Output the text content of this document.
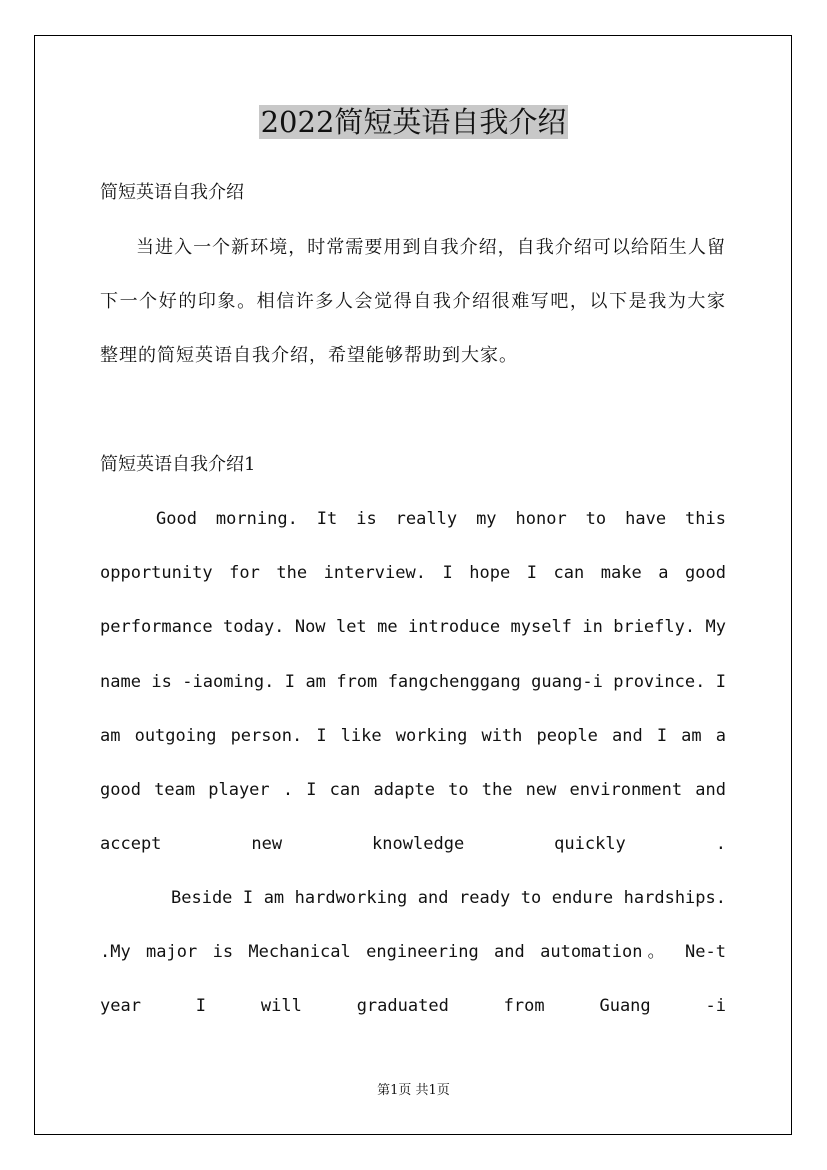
2022简短英语自我介绍
简短英语自我介绍

当进入一个新环境，时常需要用到自我介绍，自我介绍可以给陌生人留下一个好的印象。相信许多人会觉得自我介绍很难写吧，以下是我为大家整理的简短英语自我介绍，希望能够帮助到大家。

简短英语自我介绍1

Good morning. It is really my honor to have this opportunity for the interview. I hope I can make a good performance today. Now let me introduce myself in briefly. My name is -iaoming. I am from fangchenggang guang-i province. I am outgoing person. I like working with people and I am a good team player . I can adapte to the new environment and accept new knowledge quickly .

Beside I am hardworking and ready to endure hardships. .My major is Mechanical engineering and automation。 Ne-t year I will graduated from Guang -i

第1页 共1页
